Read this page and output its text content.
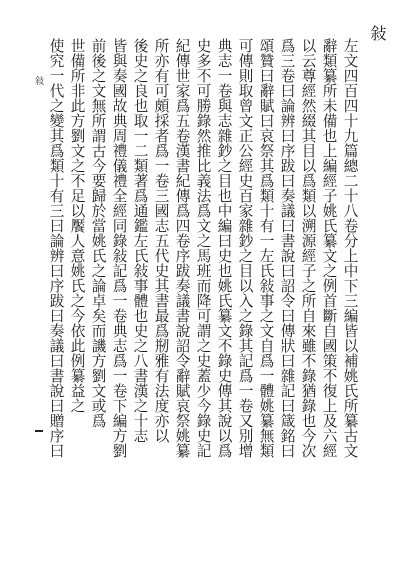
敍
敍	左文四百四十九篇總二十八卷分上中下三編皆以補姚氏所纂古文
辭類纂所未備也上編經子姚氏纂文之例首斷自國策不復上及六經
以云尊經然綴其目以爲類以溯源經子之所自來雖不錄猶錄也今次
爲三卷曰論辨曰序跋曰奏議曰書說曰詔令曰傳狀曰雜記曰箴銘曰
頌贊曰辭賦曰哀祭其爲類十有一左氏敍事之文自爲一體姚纂無類
可傳則取曾文正公經史百家雜鈔之目以入之錄其記爲一卷又別增
典志一卷與志雜鈔之目也中編曰史也姚氏纂文不錄史傳其說以爲
史多不可勝錄然推比義法爲文之馬班而降可謂之史蓋少今錄史記
紀傳世家爲五卷漢書紀傳爲四卷序跋奏議書說詔令辭賦哀祭姚纂
所亦有可頗採者爲一卷三國志五代史其書最爲剏雅有法度亦以
後史之良也取一二類著爲通鑑左氏敍事體也史之八書漢之十志
皆與奏國故典周禮儀禮全經同錄敍記爲一卷典志爲一卷下編方劉
前後之文無所謂古今要歸於當姚氏之論卓矣而譏方劉文或爲
世備所非此方劉文之不足以饜人意姚氏之今依此例纂益之
使究一代之變其爲類十有三曰論辨曰序跋曰奏議曰書說曰贈序曰
